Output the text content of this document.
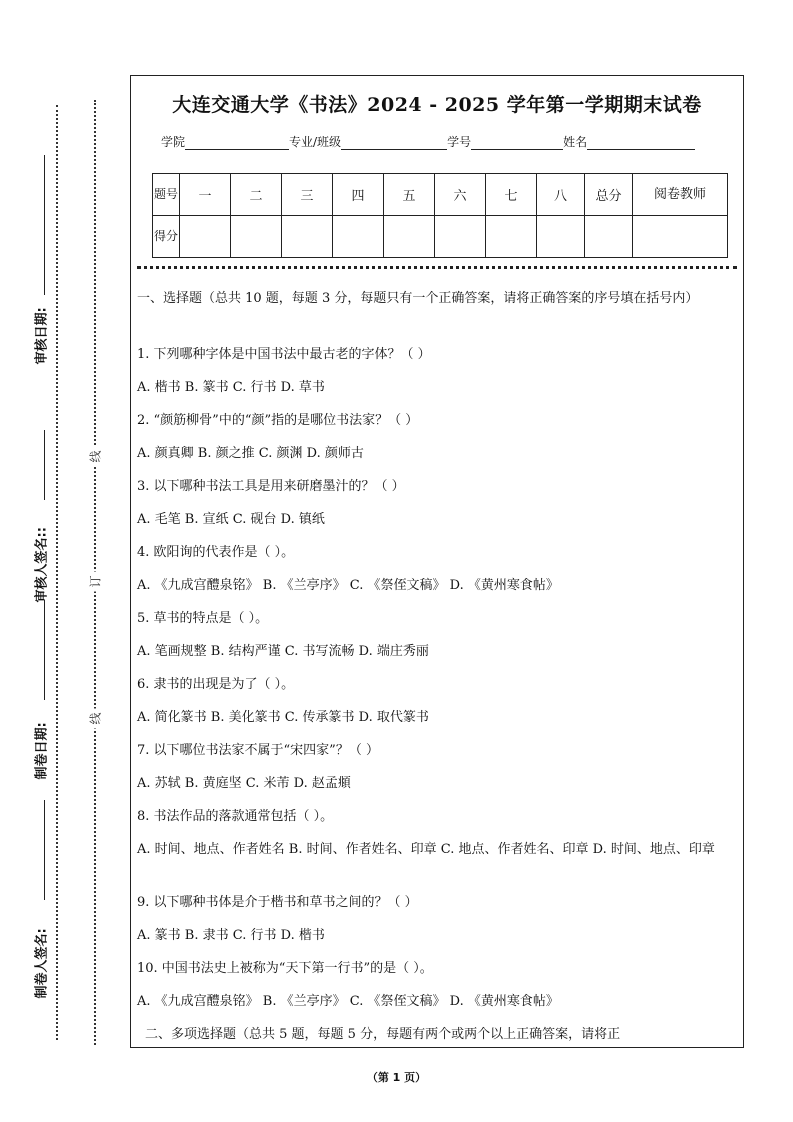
审核日期:
审核人签名::
制卷日期:
制卷人签名:
线
订
线
大连交通大学《书法》2024 - 2025 学年第一学期期末试卷
学院	专业/班级	学号	姓名
题号	一	二	三	四	五	六	七	八	总分	阅卷教师
得分										
一、选择题（总共 10 题，每题 3 分，每题只有一个正确答案，请将正确答案的序号填在括号内）
1. 下列哪种字体是中国书法中最古老的字体？（ ）
A. 楷书 B. 篆书 C. 行书 D. 草书
2. “颜筋柳骨”中的“颜”指的是哪位书法家？（ ）
A. 颜真卿 B. 颜之推 C. 颜渊 D. 颜师古
3. 以下哪种书法工具是用来研磨墨汁的？（ ）
A. 毛笔 B. 宣纸 C. 砚台 D. 镇纸
4. 欧阳询的代表作是（ ）。
A. 《九成宫醴泉铭》 B. 《兰亭序》 C. 《祭侄文稿》 D. 《黄州寒食帖》
5. 草书的特点是（ ）。
A. 笔画规整 B. 结构严谨 C. 书写流畅 D. 端庄秀丽
6. 隶书的出现是为了（ ）。
A. 简化篆书 B. 美化篆书 C. 传承篆书 D. 取代篆书
7. 以下哪位书法家不属于“宋四家”？（ ）
A. 苏轼 B. 黄庭坚 C. 米芾 D. 赵孟頫
8. 书法作品的落款通常包括（ ）。
A. 时间、地点、作者姓名 B. 时间、作者姓名、印章 C. 地点、作者姓名、印章 D. 时间、地点、印章
9. 以下哪种书体是介于楷书和草书之间的？（ ）
A. 篆书 B. 隶书 C. 行书 D. 楷书
10. 中国书法史上被称为“天下第一行书”的是（ ）。
A. 《九成宫醴泉铭》 B. 《兰亭序》 C. 《祭侄文稿》 D. 《黄州寒食帖》
二、多项选择题（总共 5 题，每题 5 分，每题有两个或两个以上正确答案，请将正
（第 1 页）
